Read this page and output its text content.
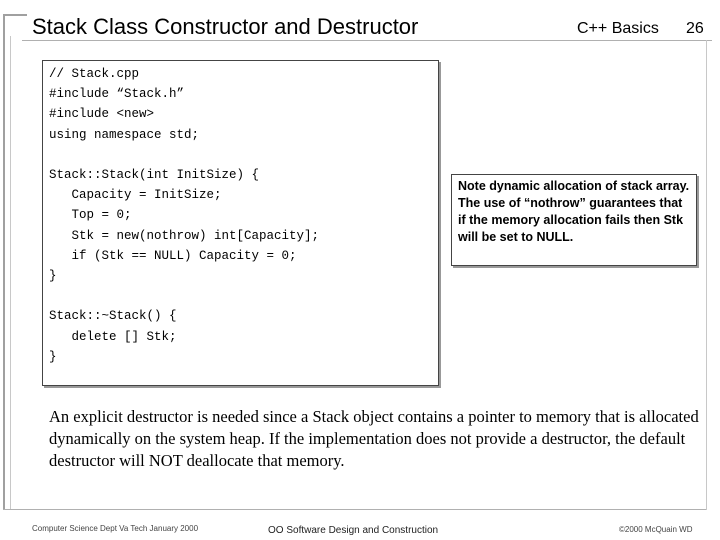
Stack Class Constructor and Destructor	C++ Basics 26
// Stack.cpp
#include “Stack.h”
#include <new>
using namespace std;

Stack::Stack(int InitSize) {
Capacity = InitSize;
Top = 0;
Stk = new(nothrow) int[Capacity];
if (Stk == NULL) Capacity = 0;
}

Stack::~Stack() {
delete [] Stk;
}
Note dynamic allocation of stack array. The use of “nothrow” guarantees that if the memory allocation fails then Stk will be set to NULL.
An explicit destructor is needed since a Stack object contains a pointer to memory that is allocated dynamically on the system heap. If the implementation does not provide a destructor, the default destructor will NOT deallocate that memory.
Computer Science Dept Va Tech January 2000	OO Software Design and Construction	©2000 McQuain WD
